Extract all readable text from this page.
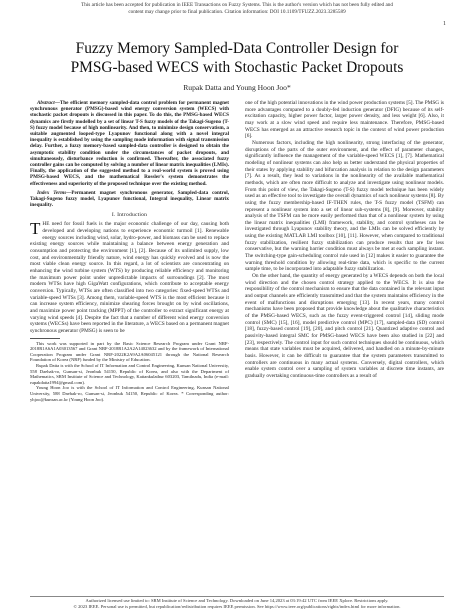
This article has been accepted for publication in IEEE Transactions on Fuzzy Systems. This is the author's version which has not been fully edited and
content may change prior to final publication. Citation information: DOI 10.1109/TFUZZ.2023.3285589
1
Fuzzy Memory Sampled-Data Controller Design for
PMSG-based WECS with Stochastic Packet Dropouts
Rupak Datta and Young Hoon Joo*

Abstract—The efficient memory sampled-data control problem for permanent magnet synchronous generator (PMSG)-based wind energy conversion system (WECS) with stochastic packet dropouts is discussed in this paper. To do this, the PMSG-based WECS dynamics are firstly modelled by a set of linear T-S fuzzy models of the Takagi-Sugeno (T-S) fuzzy model because of high nonlinearity. And then, to minimize design conservatism, a suitable augmented looped-type Lyapunov functional along with a novel integral inequality is established by using the sampling mode information with signal transmission delay. Further, a fuzzy memory-based sampled-data controller is designed to obtain the asymptotic stability condition under the circumstances of packet dropouts, and simultaneously, disturbance reduction is confirmed. Thereafter, the associated fuzzy controller gains can be computed by solving a number of linear matrix inequalities (LMIs). Finally, the application of the suggested method to a real-world system is proved using PMSG-based WECS, and the mathematical Rossler's system demonstrates the effectiveness and superiority of the proposed technique over the existing method.

Index Terms—Permanent magnet synchronous generator, Sampled-data control, Takagi-Sugeno fuzzy model, Lyapunov functional, Integral inequality, Linear matrix inequality.

I. Introduction

THE need for fossil fuels is the major economic challenge of our day, causing both developed and developing nations to experience economic turmoil [1]. Renewable energy sources including wind, solar, hydro-power, and biomass can be used to replace existing energy sources while maintaining a balance between energy generation and consumption and protecting the environment [1], [2]. Because of its unlimited supply, low cost, and environmentally friendly nature, wind energy has quickly evolved and is now the most viable clean energy source. In this regard, a lot of scientists are concentrating on enhancing the wind turbine system (WTS) by producing reliable efficiency and monitoring the maximum power point under unpredictable impacts of surroundings [2]. The most modern WTSs have high GigaWatt configurations, which contribute to acceptable energy conversion. Typically, WTSs are often classified into two categories: fixed-speed WTSs and variable-speed WTSs [3]. Among them, variable-speed WTS is the most efficient because it can increase system efficiency, minimize shearing forces brought on by wind oscillations, and maximize power point tracking (MPPT) of the controller to extract significant energy at varying wind speeds [4]. Despite the fact that a number of different wind energy conversion systems (WECSs) have been reported in the literature, a WECS based on a permanent magnet synchronous generator (PMSG) is seen to be

This work was supported in part by the Basic Science Research Program under Grant NRF-2018R1A6A1A03013567 and Grant NRF-2018R1A2A2A14023632 and by the framework of International Cooperation Program under Grant NRF-2022K2A9A2A06045121 through the National Research Foundation of Korea (NRF) funded by the Ministry of Education.

Rupak Datta is with the School of IT Information and Control Engineering, Kunsan National University, 558 Daehak-ro, Gunsan-si, Jeonbuk 54150, Republic of Korea, and also with the Department of Mathematics, SRM Institute of Science and Technology, Kattankulathur 603203, Tamilnadu, India (e-mail: rupakdatta1994@gmail.com).

Young Hoon Joo is with the School of IT Information and Control Engineering, Kunsan National University, 588 Daehak-ro, Gunsan-si, Jeonbuk 54150, Republic of Korea. * Corresponding author: yhjoo@kunsan.ac.kr (Young Hoon Joo).

one of the high potential innovations in the wind power production systems [5]. The PMSG is more advantages compared to a doubly-fed induction generator (DFIG) because of its self-excitation capacity, higher power factor, larger power density, and less weight [6]. Also, it may work at a slow wind speed and require less maintenance. Therefore, PMSG-based WECS has emerged as an attractive research topic in the context of wind power production [6].

Numerous factors, including the high nonlinearity, strong interfacing of the generator, disruptions of the parts of the outer environment, and the effect of parameter changes, significantly influence the management of the variable-speed WECS [1], [7]. Mathematical modeling of nonlinear systems can also help us better understand the physical properties of their states by applying stability and bifurcation analysis in relation to the design parameters [7]. As a result, they lead to variations in the nonlinearity of the available mathematical methods, which are often more difficult to analyze and investigate using nonlinear models. From this point of view, the Takagi-Sugeno (T-S) fuzzy model technique has been widely used as an effective tool to investigate the overall dynamics of such nonlinear systems [8]. By using the fuzzy membership-based IF-THEN rules, the T-S fuzzy model (TSFM) can represent a nonlinear system into a set of linear sub-systems [8], [9]. Moreover, stability analysis of the TSFM can be more easily performed than that of a nonlinear system by using the linear matrix inequalities (LMI) framework, stability, and control syntheses can be investigated through Lyapunov stability theory, and the LMIs can be solved efficiently by using the existing MATLAB LMI toolbox [10], [11]. However, when compared to traditional fuzzy stabilization, resilient fuzzy stabilization can produce results that are far less conservative, but the warning barrier condition must always be met at each sampling instant. The switching-type gain-scheduling control rule used in [12] makes it easier to guarantee the warning threshold condition by allowing real-time data, which is specific to the current sample time, to be incorporated into adaptable fuzzy stabilization.

On the other hand, the quantity of energy generated by a WECS depends on both the local wind direction and the chosen control strategy applied to the WECS. It is also the responsibility of the control mechanism to ensure that the data contained in the relevant input and output channels are efficiently transmitted and that the system maintains efficiency in the event of malfunctions and disruptions emerging [13]. In recent years, many control mechanisms have been proposed that provide knowledge about the qualitative characteristics of the PMSG-based WECS, such as the fuzzy event-triggered control [14], sliding mode control (SMC) [15], [16], model predictive control (MPC) [17], sampled-data (SD) control [18], fuzzy-based control [19], [20], and pitch control [21]. Quantized adaptive control and passivity-based integral SMC for PMSG-based WECS have been also studied in [22] and [23], respectively. The control input for such control techniques should be continuous, which means that state variables must be acquired, delivered, and handled on a minute-by-minute basis. However, it can be difficult to guarantee that the system parameters transmitted to controllers are continuous in many actual systems. Conversely, digital controllers, which enable system control over a sampling of system variables at discrete time instants, are gradually overtaking continuous-time controllers as a result of

Authorized licensed use limited to: SRM Institute of Science and Technology. Downloaded on June 14,2023 at 03:19:42 UTC from IEEE Xplore. Restrictions apply.
© 2023 IEEE. Personal use is permitted, but republication/redistribution requires IEEE permission. See https://www.ieee.org/publications/rights/index.html for more information.
